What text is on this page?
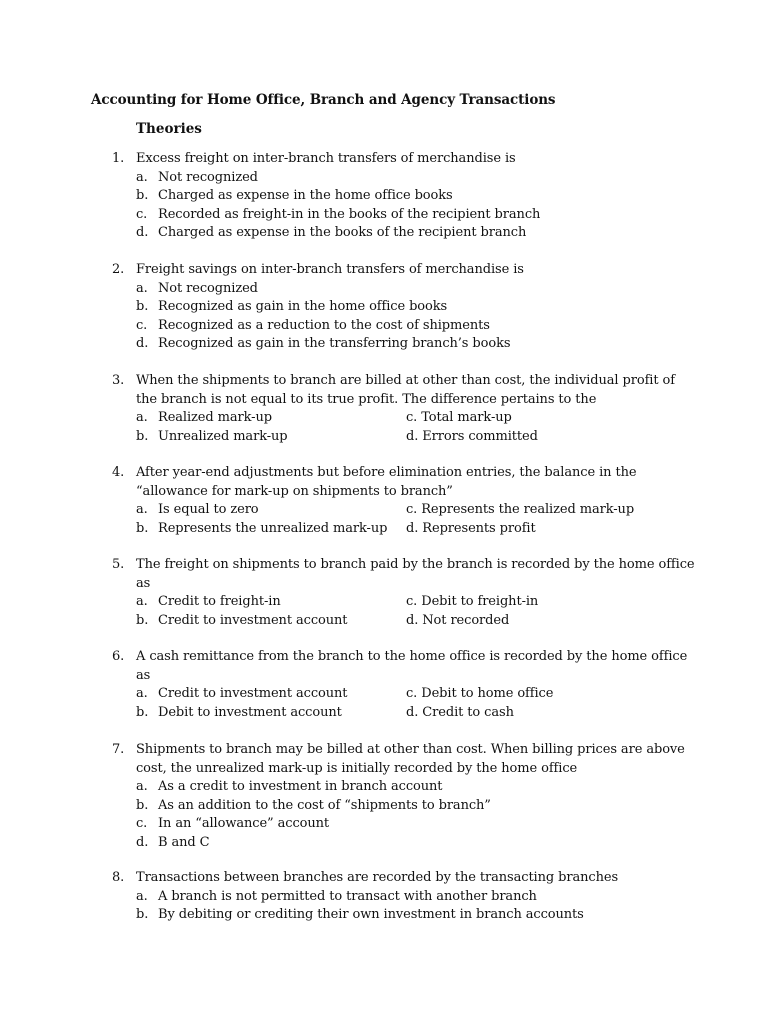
Accounting for Home Office, Branch and Agency Transactions
Theories
1. Excess freight on inter-branch transfers of merchandise is
a. Not recognized
b. Charged as expense in the home office books
c. Recorded as freight-in in the books of the recipient branch
d. Charged as expense in the books of the recipient branch
2. Freight savings on inter-branch transfers of merchandise is
a. Not recognized
b. Recognized as gain in the home office books
c. Recognized as a reduction to the cost of shipments
d. Recognized as gain in the transferring branch’s books
3. When the shipments to branch are billed at other than cost, the individual profit of
the branch is not equal to its true profit. The difference pertains to the
a. Realized mark-up	c. Total mark-up
b. Unrealized mark-up	d. Errors committed
4. After year-end adjustments but before elimination entries, the balance in the
“allowance for mark-up on shipments to branch”
a. Is equal to zero	c. Represents the realized mark-up
b. Represents the unrealized mark-up d. Represents profit
5. The freight on shipments to branch paid by the branch is recorded by the home office
as
a. Credit to freight-in	c. Debit to freight-in
b. Credit to investment account	d. Not recorded
6. A cash remittance from the branch to the home office is recorded by the home office
as
a. Credit to investment account	c. Debit to home office
b. Debit to investment account	d. Credit to cash
7. Shipments to branch may be billed at other than cost. When billing prices are above
cost, the unrealized mark-up is initially recorded by the home office
a. As a credit to investment in branch account
b. As an addition to the cost of “shipments to branch”
c. In an “allowance” account
d. B and C
8. Transactions between branches are recorded by the transacting branches
a. A branch is not permitted to transact with another branch
b. By debiting or crediting their own investment in branch accounts
